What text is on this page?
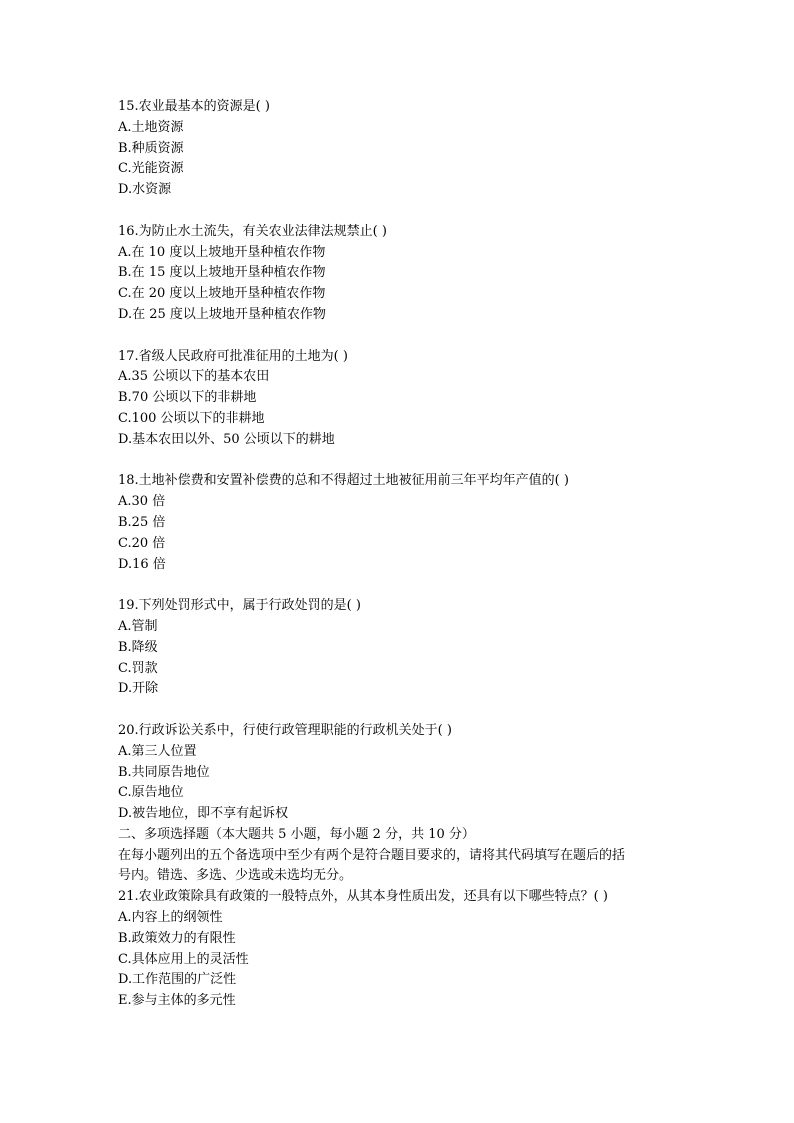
15.农业最基本的资源是( )
A.土地资源
B.种质资源
C.光能资源
D.水资源
16.为防止水土流失，有关农业法律法规禁止( )
A.在 10 度以上坡地开垦种植农作物
B.在 15 度以上坡地开垦种植农作物
C.在 20 度以上坡地开垦种植农作物
D.在 25 度以上坡地开垦种植农作物
17.省级人民政府可批准征用的土地为( )
A.35 公顷以下的基本农田
B.70 公顷以下的非耕地
C.100 公顷以下的非耕地
D.基本农田以外、50 公顷以下的耕地
18.土地补偿费和安置补偿费的总和不得超过土地被征用前三年平均年产值的( )
A.30 倍
B.25 倍
C.20 倍
D.16 倍
19.下列处罚形式中，属于行政处罚的是( )
A.管制
B.降级
C.罚款
D.开除
20.行政诉讼关系中，行使行政管理职能的行政机关处于( )
A.第三人位置
B.共同原告地位
C.原告地位
D.被告地位，即不享有起诉权
二、多项选择题（本大题共 5 小题，每小题 2 分，共 10 分）
在每小题列出的五个备选项中至少有两个是符合题目要求的，请将其代码填写在题后的括
号内。错选、多选、少选或未选均无分。
21.农业政策除具有政策的一般特点外，从其本身性质出发，还具有以下哪些特点？( )
A.内容上的纲领性
B.政策效力的有限性
C.具体应用上的灵活性
D.工作范围的广泛性
E.参与主体的多元性
